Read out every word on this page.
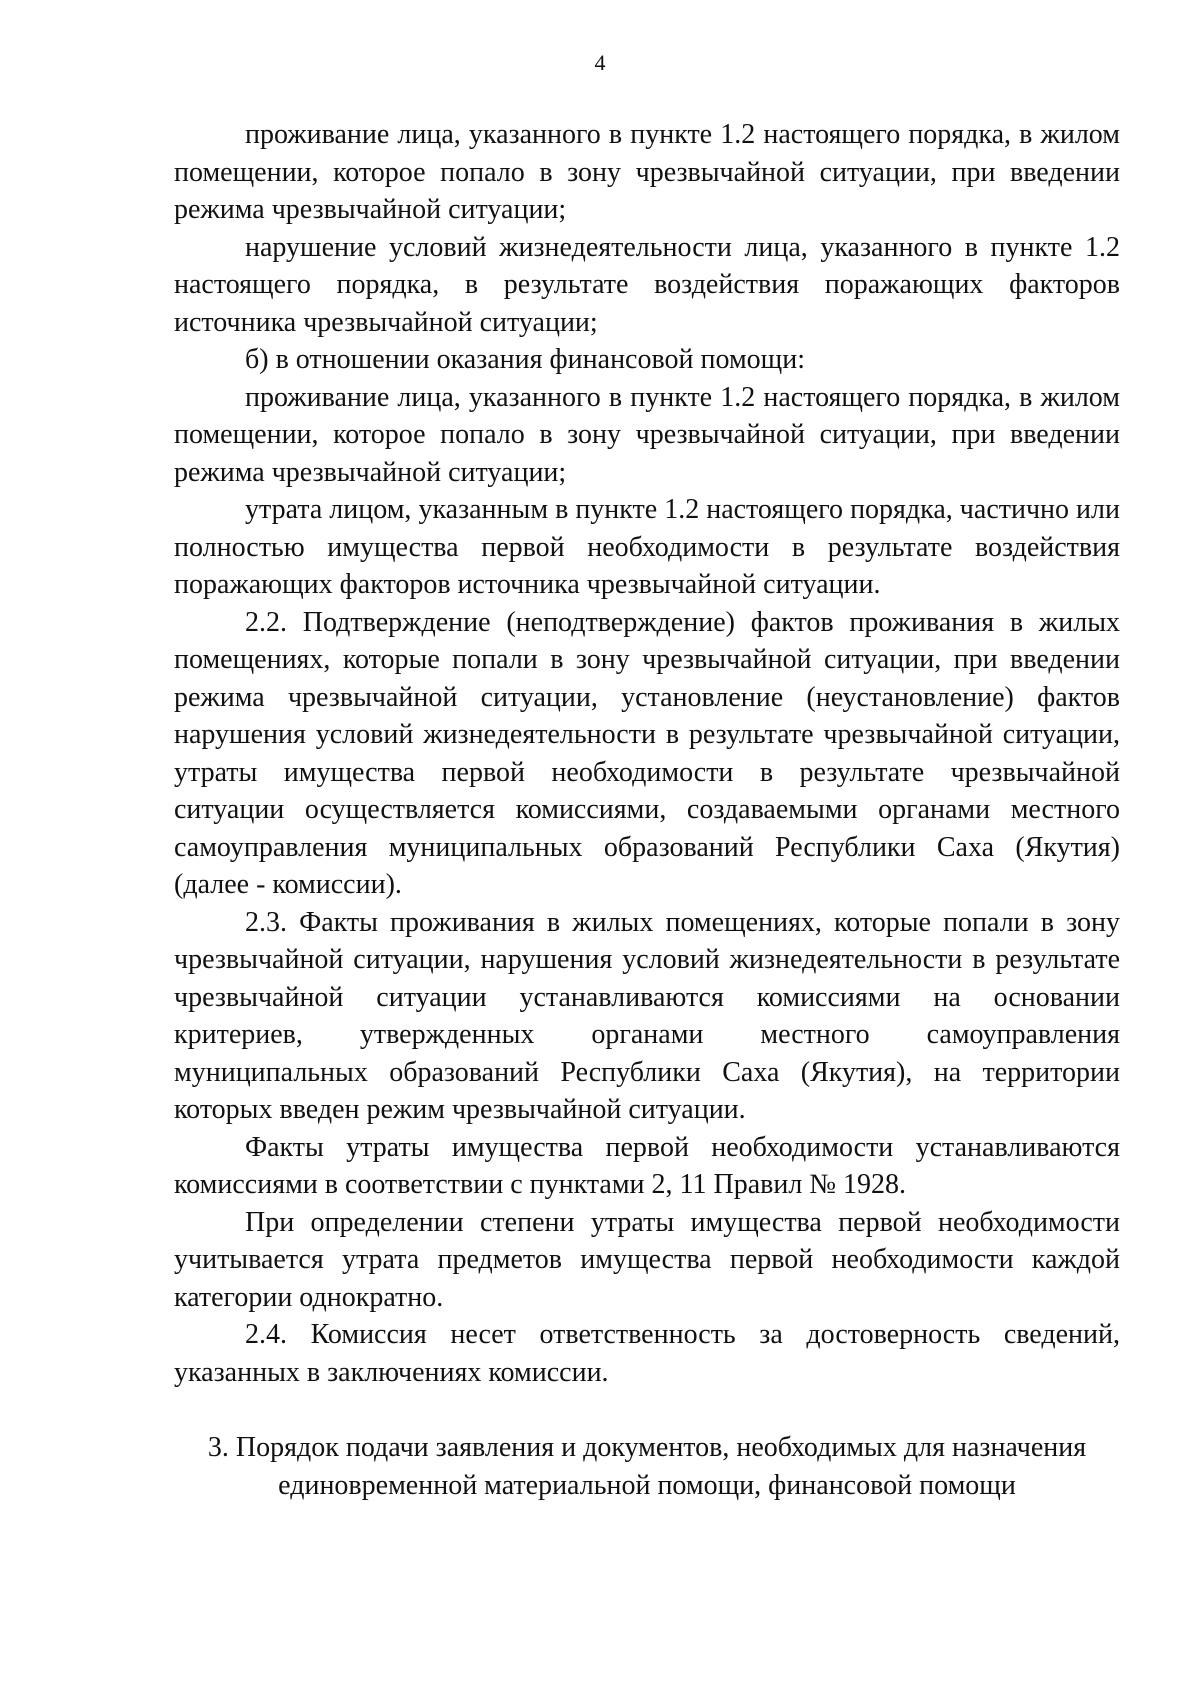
4

проживание лица, указанного в пункте 1.2 настоящего порядка, в жилом помещении, которое попало в зону чрезвычайной ситуации, при введении режима чрезвычайной ситуации;

нарушение условий жизнедеятельности лица, указанного в пункте 1.2 настоящего порядка, в результате воздействия поражающих факторов источника чрезвычайной ситуации;

б) в отношении оказания финансовой помощи:

проживание лица, указанного в пункте 1.2 настоящего порядка, в жилом помещении, которое попало в зону чрезвычайной ситуации, при введении режима чрезвычайной ситуации;

утрата лицом, указанным в пункте 1.2 настоящего порядка, частично или полностью имущества первой необходимости в результате воздействия поражающих факторов источника чрезвычайной ситуации.

2.2. Подтверждение (неподтверждение) фактов проживания в жилых помещениях, которые попали в зону чрезвычайной ситуации, при введении режима чрезвычайной ситуации, установление (неустановление) фактов нарушения условий жизнедеятельности в результате чрезвычайной ситуации, утраты имущества первой необходимости в результате чрезвычайной ситуации осуществляется комиссиями, создаваемыми органами местного самоуправления муниципальных образований Республики Саха (Якутия) (далее - комиссии).

2.3. Факты проживания в жилых помещениях, которые попали в зону чрезвычайной ситуации, нарушения условий жизнедеятельности в результате чрезвычайной ситуации устанавливаются комиссиями на основании критериев, утвержденных органами местного самоуправления муниципальных образований Республики Саха (Якутия), на территории которых введен режим чрезвычайной ситуации.

Факты утраты имущества первой необходимости устанавливаются комиссиями в соответствии с пунктами 2, 11 Правил № 1928.

При определении степени утраты имущества первой необходимости учитывается утрата предметов имущества первой необходимости каждой категории однократно.

2.4. Комиссия несет ответственность за достоверность сведений, указанных в заключениях комиссии.

3. Порядок подачи заявления и документов, необходимых для назначения
единовременной материальной помощи, финансовой помощи
